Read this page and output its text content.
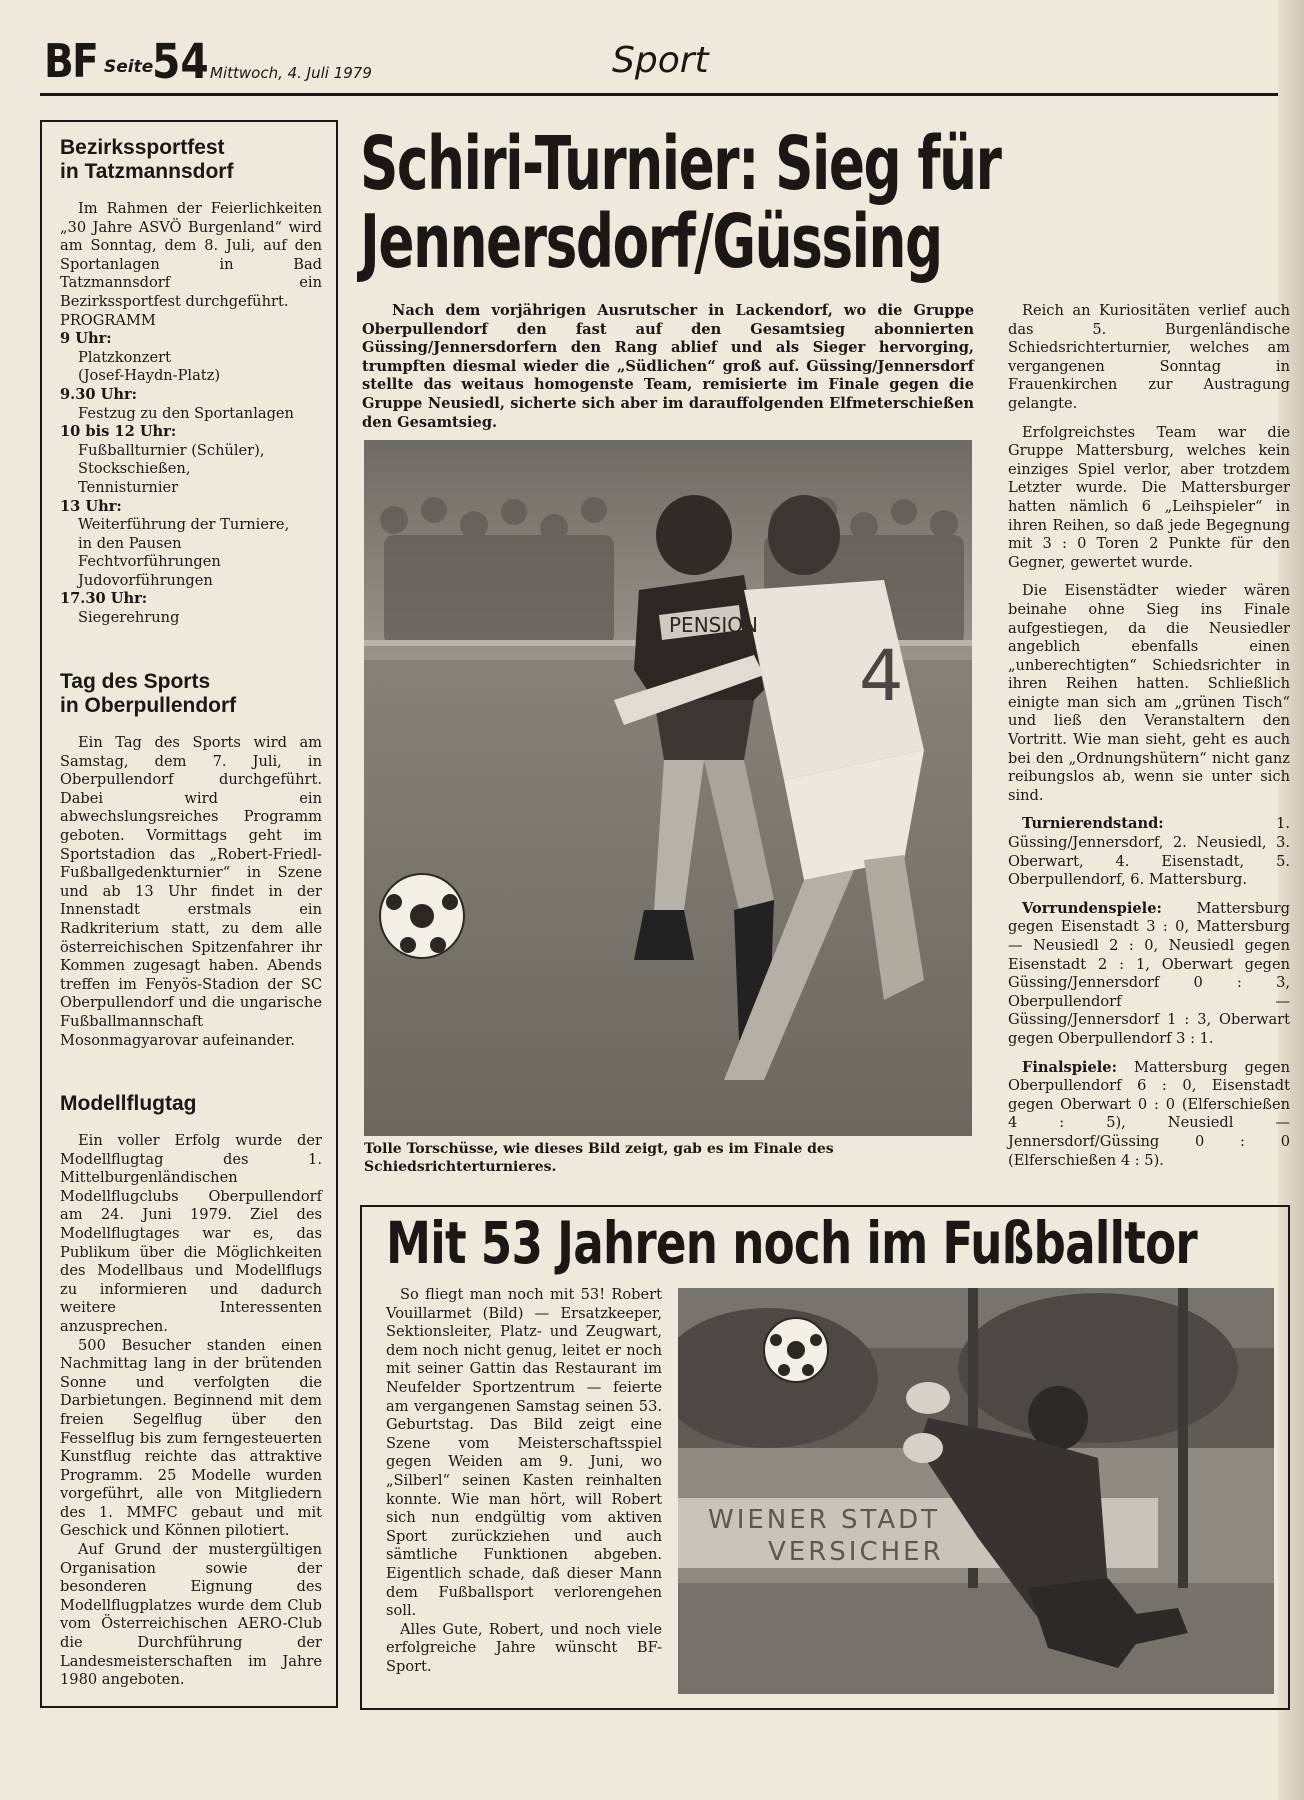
BF Seite
54 Mittwoch, 4. Juli 1979	Sport

Bezirkssportfest

in Tatzmannsdorf

Im Rahmen der Feierlichkeiten „30 Jahre ASVÖ Burgenland“ wird am Sonntag, dem 8. Juli, auf den Sportanlagen in Bad Tatzmannsdorf ein Bezirkssportfest durchgeführt.

PROGRAMM

9 Uhr:
Platzkonzert
(Josef-Haydn-Platz)
9.30 Uhr:
Festzug zu den Sportanlagen
10 bis 12 Uhr:
Fußballturnier (Schüler),
Stockschießen,
Tennisturnier
13 Uhr:
Weiterführung der Turniere,
in den Pausen
Fechtvorführungen
Judovorführungen
17.30 Uhr:
Siegerehrung

Tag des Sports

in Oberpullendorf

Ein Tag des Sports wird am Samstag, dem 7. Juli, in Oberpullendorf durchgeführt. Dabei wird ein abwechslungsreiches Programm geboten. Vormittags geht im Sportstadion das „Robert-Friedl-Fußballgedenkturnier“ in Szene und ab 13 Uhr findet in der Innenstadt erstmals ein Radkriterium statt, zu dem alle österreichischen Spitzenfahrer ihr Kommen zugesagt haben. Abends treffen im Fenyös-Stadion der SC Oberpullendorf und die ungarische Fußballmannschaft Mosonmagyarovar aufeinander.

Modellflugtag

Ein voller Erfolg wurde der Modellflugtag des 1. Mittelburgenländischen Modellflugclubs Oberpullendorf am 24. Juni 1979. Ziel des Modellflugtages war es, das Publikum über die Möglichkeiten des Modellbaus und Modellflugs zu informieren und dadurch weitere Interessenten anzusprechen.

500 Besucher standen einen Nachmittag lang in der brütenden Sonne und verfolgten die Darbietungen. Beginnend mit dem freien Segelflug über den Fesselflug bis zum ferngesteuerten Kunstflug reichte das attraktive Programm. 25 Modelle wurden vorgeführt, alle von Mitgliedern des 1. MMFC gebaut und mit Geschick und Können pilotiert.

Auf Grund der mustergültigen Organisation sowie der besonderen Eignung des Modellflugplatzes wurde dem Club vom Österreichischen AERO-Club die Durchführung der Landesmeisterschaften im Jahre 1980 angeboten.

Schiri-Turnier: Sieg für
Jennersdorf/Güssing

Nach dem vorjährigen Ausrutscher in Lackendorf, wo die Gruppe Oberpullendorf den fast auf den Gesamtsieg abonnierten Güssing/Jennersdorfern den Rang ablief und als Sieger hervorging, trumpften diesmal wieder die „Südlichen“ groß auf. Güssing/Jennersdorf stellte das weitaus homogenste Team, remisierte im Finale gegen die Gruppe Neusiedl, sicherte sich aber im darauffolgenden Elfmeterschießen den Gesamtsieg.

4
PENSION
Tolle Torschüsse, wie dieses Bild zeigt, gab es im Finale des Schiedsrichterturnieres.

Reich an Kuriositäten verlief auch das 5. Burgenländische Schiedsrichterturnier, welches am vergangenen Sonntag in Frauenkirchen zur Austragung gelangte.

Erfolgreichstes Team war die Gruppe Mattersburg, welches kein einziges Spiel verlor, aber trotzdem Letzter wurde. Die Mattersburger hatten nämlich 6 „Leihspieler“ in ihren Reihen, so daß jede Begegnung mit 3 : 0 Toren 2 Punkte für den Gegner, gewertet wurde.

Die Eisenstädter wieder wären beinahe ohne Sieg ins Finale aufgestiegen, da die Neusiedler angeblich ebenfalls einen „unberechtigten“ Schiedsrichter in ihren Reihen hatten. Schließlich einigte man sich am „grünen Tisch“ und ließ den Veranstaltern den Vortritt. Wie man sieht, geht es auch bei den „Ordnungshütern“ nicht ganz reibungslos ab, wenn sie unter sich sind.

Turnierendstand:	1. Güssing/Jennersdorf, 2. Neusiedl, 3. Oberwart, 4. Eisenstadt, 5. Oberpullendorf, 6. Mattersburg.

Vorrundenspiele: Mattersburg gegen Eisenstadt 3 : 0, Mattersburg — Neusiedl 2 : 0, Neusiedl gegen Eisenstadt 2 : 1, Oberwart gegen Güssing/Jennersdorf 0 : 3, Oberpullendorf — Güssing/Jennersdorf 1 : 3, Oberwart gegen Oberpullendorf 3 : 1.

Finalspiele: Mattersburg gegen Oberpullendorf 6 : 0, Eisenstadt gegen Oberwart 0 : 0 (Elferschießen 4 : 5), Neusiedl — Jennersdorf/Güssing 0 : 0 (Elferschießen 4 : 5).

Mit 53 Jahren noch im Fußballtor

So fliegt man noch mit 53! Robert Vouillarmet (Bild) — Ersatzkeeper, Sektionsleiter, Platz- und Zeugwart, dem noch nicht genug, leitet er noch mit seiner Gattin das Restaurant im Neufelder Sportzentrum — feierte am vergangenen Samstag seinen 53. Geburtstag. Das Bild zeigt eine Szene vom Meisterschaftsspiel gegen Weiden am 9. Juni, wo „Silberl“ seinen Kasten reinhalten konnte. Wie man hört, will Robert sich nun endgültig vom aktiven Sport zurückziehen und auch sämtliche Funktionen abgeben. Eigentlich schade, daß dieser Mann dem Fußballsport verlorengehen soll.

Alles Gute, Robert, und noch viele erfolgreiche Jahre wünscht BF-Sport.

WIENER STADT
VERSICHER
